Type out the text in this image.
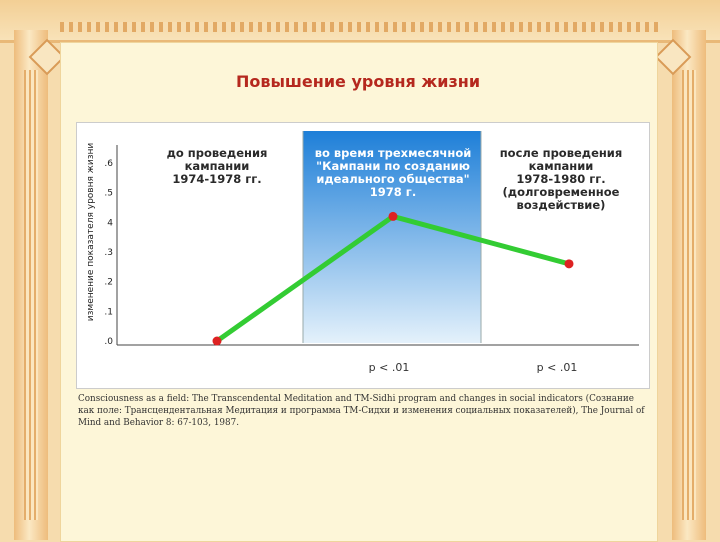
Повышение уровня жизни
.0
.1
.2
.3
4
.5
.6
изменение показателя уровня жизни	до проведения
кампании
1974-1978 гг.
во время трехмесячной
"Кампани по созданию
идеального общества"
1978 г.
после проведения
кампании
1978-1980 гг.
(долговременное
воздействие)
p < .01	p < .01
Consciousness as a field: The Transcendental Meditation and TM-Sidhi program and changes in social indicators (Сознание как поле: Трансцендентальная Медитация и программа ТМ-Сидхи и изменения социальных показателей), The Journal of Mind and Behavior 8: 67-103, 1987.
